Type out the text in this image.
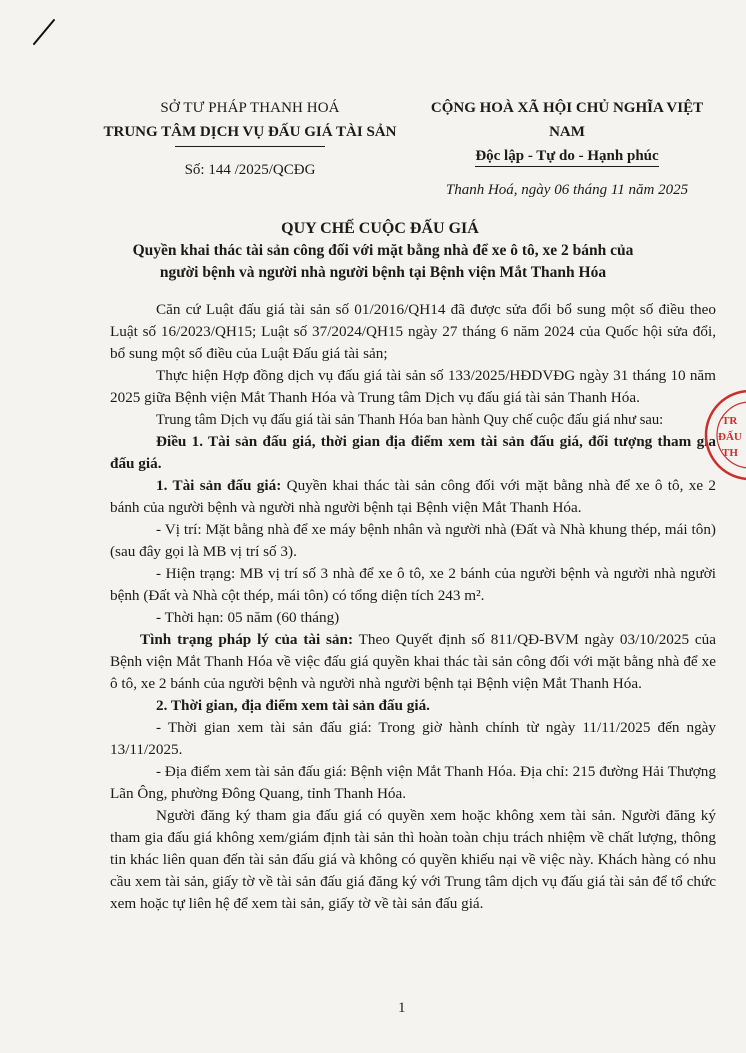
SỞ TƯ PHÁP THANH HOÁ
TRUNG TÂM DỊCH VỤ ĐẤU GIÁ TÀI SẢN
Số: 144 /2025/QCĐG
CỘNG HOÀ XÃ HỘI CHỦ NGHĨA VIỆT NAM
Độc lập - Tự do - Hạnh phúc
Thanh Hoá, ngày 06 tháng 11 năm 2025
QUY CHẾ CUỘC ĐẤU GIÁ
Quyền khai thác tài sản công đối với mặt bằng nhà để xe ô tô, xe 2 bánh của người bệnh và người nhà người bệnh tại Bệnh viện Mắt Thanh Hóa

Căn cứ Luật đấu giá tài sản số 01/2016/QH14 đã được sửa đổi bổ sung một số điều theo Luật số 16/2023/QH15; Luật số 37/2024/QH15 ngày 27 tháng 6 năm 2024 của Quốc hội sửa đổi, bổ sung một số điều của Luật Đấu giá tài sản;

Thực hiện Hợp đồng dịch vụ đấu giá tài sản số 133/2025/HĐDVĐG ngày 31 tháng 10 năm 2025 giữa Bệnh viện Mắt Thanh Hóa và Trung tâm Dịch vụ đấu giá tài sản Thanh Hóa.

Trung tâm Dịch vụ đấu giá tài sản Thanh Hóa ban hành Quy chế cuộc đấu giá như sau:

Điều 1. Tài sản đấu giá, thời gian địa điểm xem tài sản đấu giá, đối tượng tham gia đấu giá.

1. Tài sản đấu giá: Quyền khai thác tài sản công đối với mặt bằng nhà để xe ô tô, xe 2 bánh của người bệnh và người nhà người bệnh tại Bệnh viện Mắt Thanh Hóa.

- Vị trí: Mặt bằng nhà để xe máy bệnh nhân và người nhà (Đất và Nhà khung thép, mái tôn) (sau đây gọi là MB vị trí số 3).

- Hiện trạng: MB vị trí số 3 nhà để xe ô tô, xe 2 bánh của người bệnh và người nhà người bệnh (Đất và Nhà cột thép, mái tôn) có tổng diện tích 243 m².

- Thời hạn: 05 năm (60 tháng)

Tình trạng pháp lý của tài sản: Theo Quyết định số 811/QĐ-BVM ngày 03/10/2025 của Bệnh viện Mắt Thanh Hóa về việc đấu giá quyền khai thác tài sản công đối với mặt bằng nhà để xe ô tô, xe 2 bánh của người bệnh và người nhà người bệnh tại Bệnh viện Mắt Thanh Hóa.

2. Thời gian, địa điểm xem tài sản đấu giá.

- Thời gian xem tài sản đấu giá: Trong giờ hành chính từ ngày 11/11/2025 đến ngày 13/11/2025.

- Địa điểm xem tài sản đấu giá: Bệnh viện Mắt Thanh Hóa. Địa chỉ: 215 đường Hải Thượng Lãn Ông, phường Đông Quang, tỉnh Thanh Hóa.

Người đăng ký tham gia đấu giá có quyền xem hoặc không xem tài sản. Người đăng ký tham gia đấu giá không xem/giám định tài sản thì hoàn toàn chịu trách nhiệm về chất lượng, thông tin khác liên quan đến tài sản đấu giá và không có quyền khiếu nại về việc này. Khách hàng có nhu cầu xem tài sản, giấy tờ về tài sản đấu giá đăng ký với Trung tâm dịch vụ đấu giá tài sản để tổ chức xem hoặc tự liên hệ để xem tài sản, giấy tờ về tài sản đấu giá.

TR
ĐẤU
TH
1
